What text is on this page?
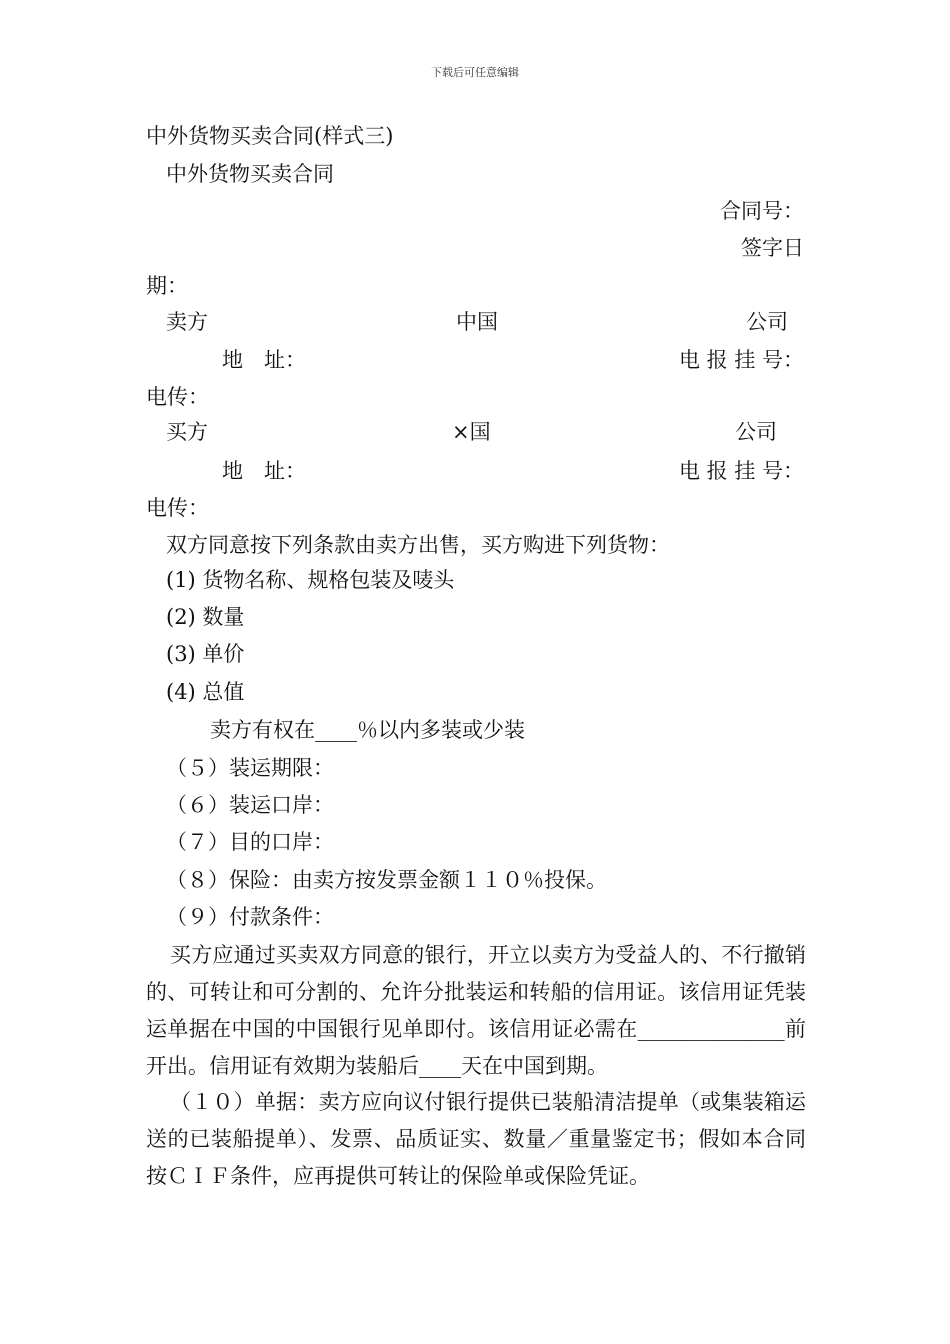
下载后可任意编辑
中外货物买卖合同(样式三)
中外货物买卖合同
合同号：
签字日
期：
卖方	中国	公司
地　址：	电 报 挂 号：
电传：
买方	×国	公司
地　址：	电 报 挂 号：
电传：
双方同意按下列条款由卖方出售，买方购进下列货物：
(1) 货物名称、规格包装及唛头
(2) 数量
(3) 单价
(4) 总值
卖方有权在____％以内多装或少装
（５）装运期限：
（６）装运口岸：
（７）目的口岸：
（８）保险：由卖方按发票金额１１０％投保。
（９）付款条件：
买方应通过买卖双方同意的银行，开立以卖方为受益人的、不行撤销的、可转让和可分割的、允许分批装运和转船的信用证。该信用证凭装运单据在中国的中国银行见单即付。该信用证必需在______________前开出。信用证有效期为装船后____天在中国到期。
（１０）单据：卖方应向议付银行提供已装船清洁提单（或集装箱运送的已装船提单）、发票、品质证实、数量／重量鉴定书；假如本合同按ＣＩＦ条件，应再提供可转让的保险单或保险凭证。
